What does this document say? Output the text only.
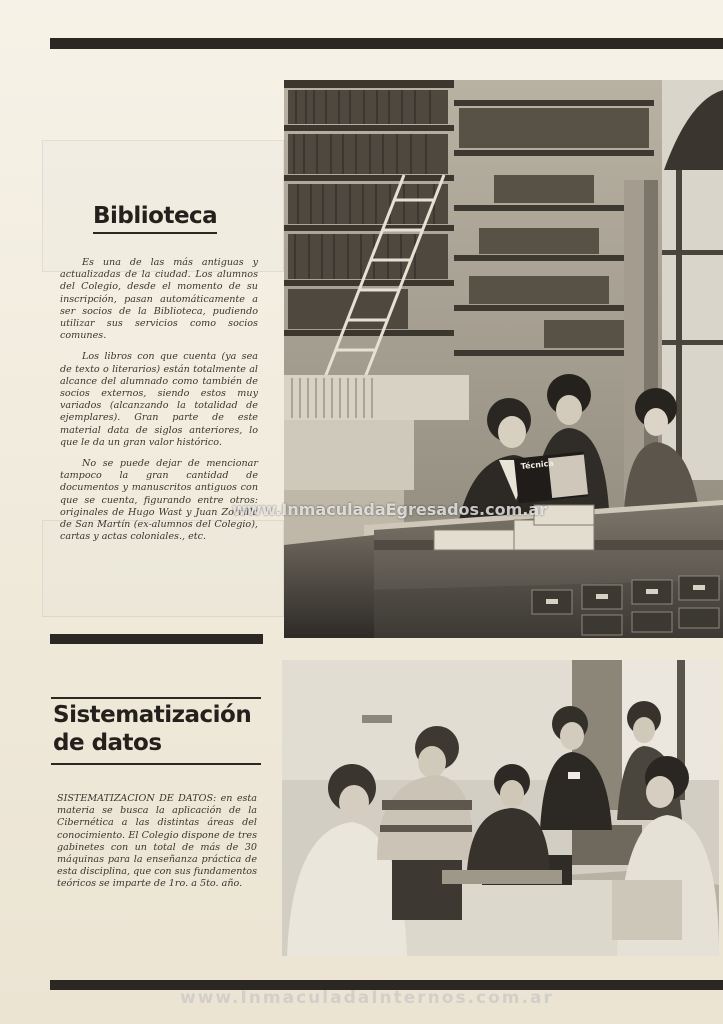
Biblioteca

Es una de las más antiguas y actualizadas de la ciudad. Los alumnos del Colegio, desde el momento de su inscripción, pasan automáticamente a ser socios de la Biblioteca, pudiendo utilizar sus servicios como socios comunes.

Los libros con que cuenta (ya sea de texto o literarios) están totalmente al alcance del alumnado como también de socios externos, siendo estos muy variados (alcanzando la totalidad de ejemplares). Gran parte de este material data de siglos anteriores, lo que le da un gran valor histórico.

No se puede dejar de mencionar tampoco la gran cantidad de documentos y manuscritos antiguos con que se cuenta, figurando entre otros: originales de Hugo Wast y Juan Zorrilla de San Martín (ex-alumnos del Colegio), cartas y actas coloniales., etc.

Técnica
www.InmaculadaEgresados.com.ar
Sistematización
de datos

SISTEMATIZACION DE DATOS: en esta materia se busca la aplicación de la Cibernética a las distintas áreas del conocimiento. El Colegio dispone de tres gabinetes con un total de más de 30 máquinas para la enseñanza práctica de esta disciplina, que con sus fundamentos teóricos se imparte de 1ro. a 5to. año.

www.InmaculadaInternos.com.ar
